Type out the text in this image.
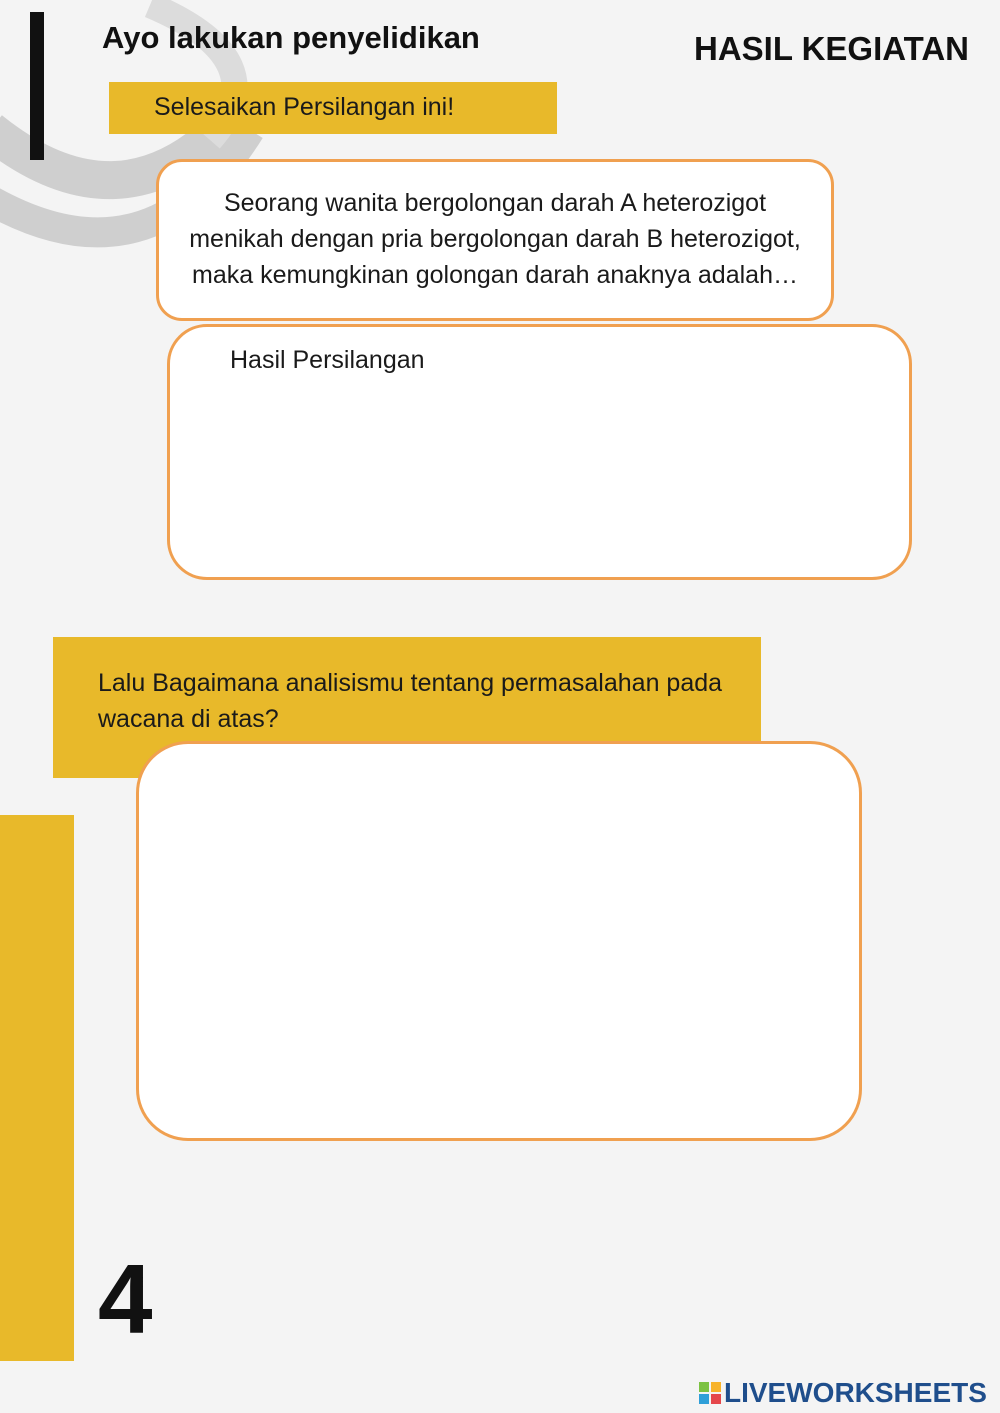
Ayo lakukan penyelidikan	HASIL KEGIATAN
Selesaikan Persilangan ini!
Seorang wanita bergolongan darah A heterozigot menikah dengan pria bergolongan darah B heterozigot, maka kemungkinan golongan darah anaknya adalah…
Hasil Persilangan
Lalu Bagaimana analisismu tentang permasalahan pada wacana di atas?
4
LIVEWORKSHEETS
